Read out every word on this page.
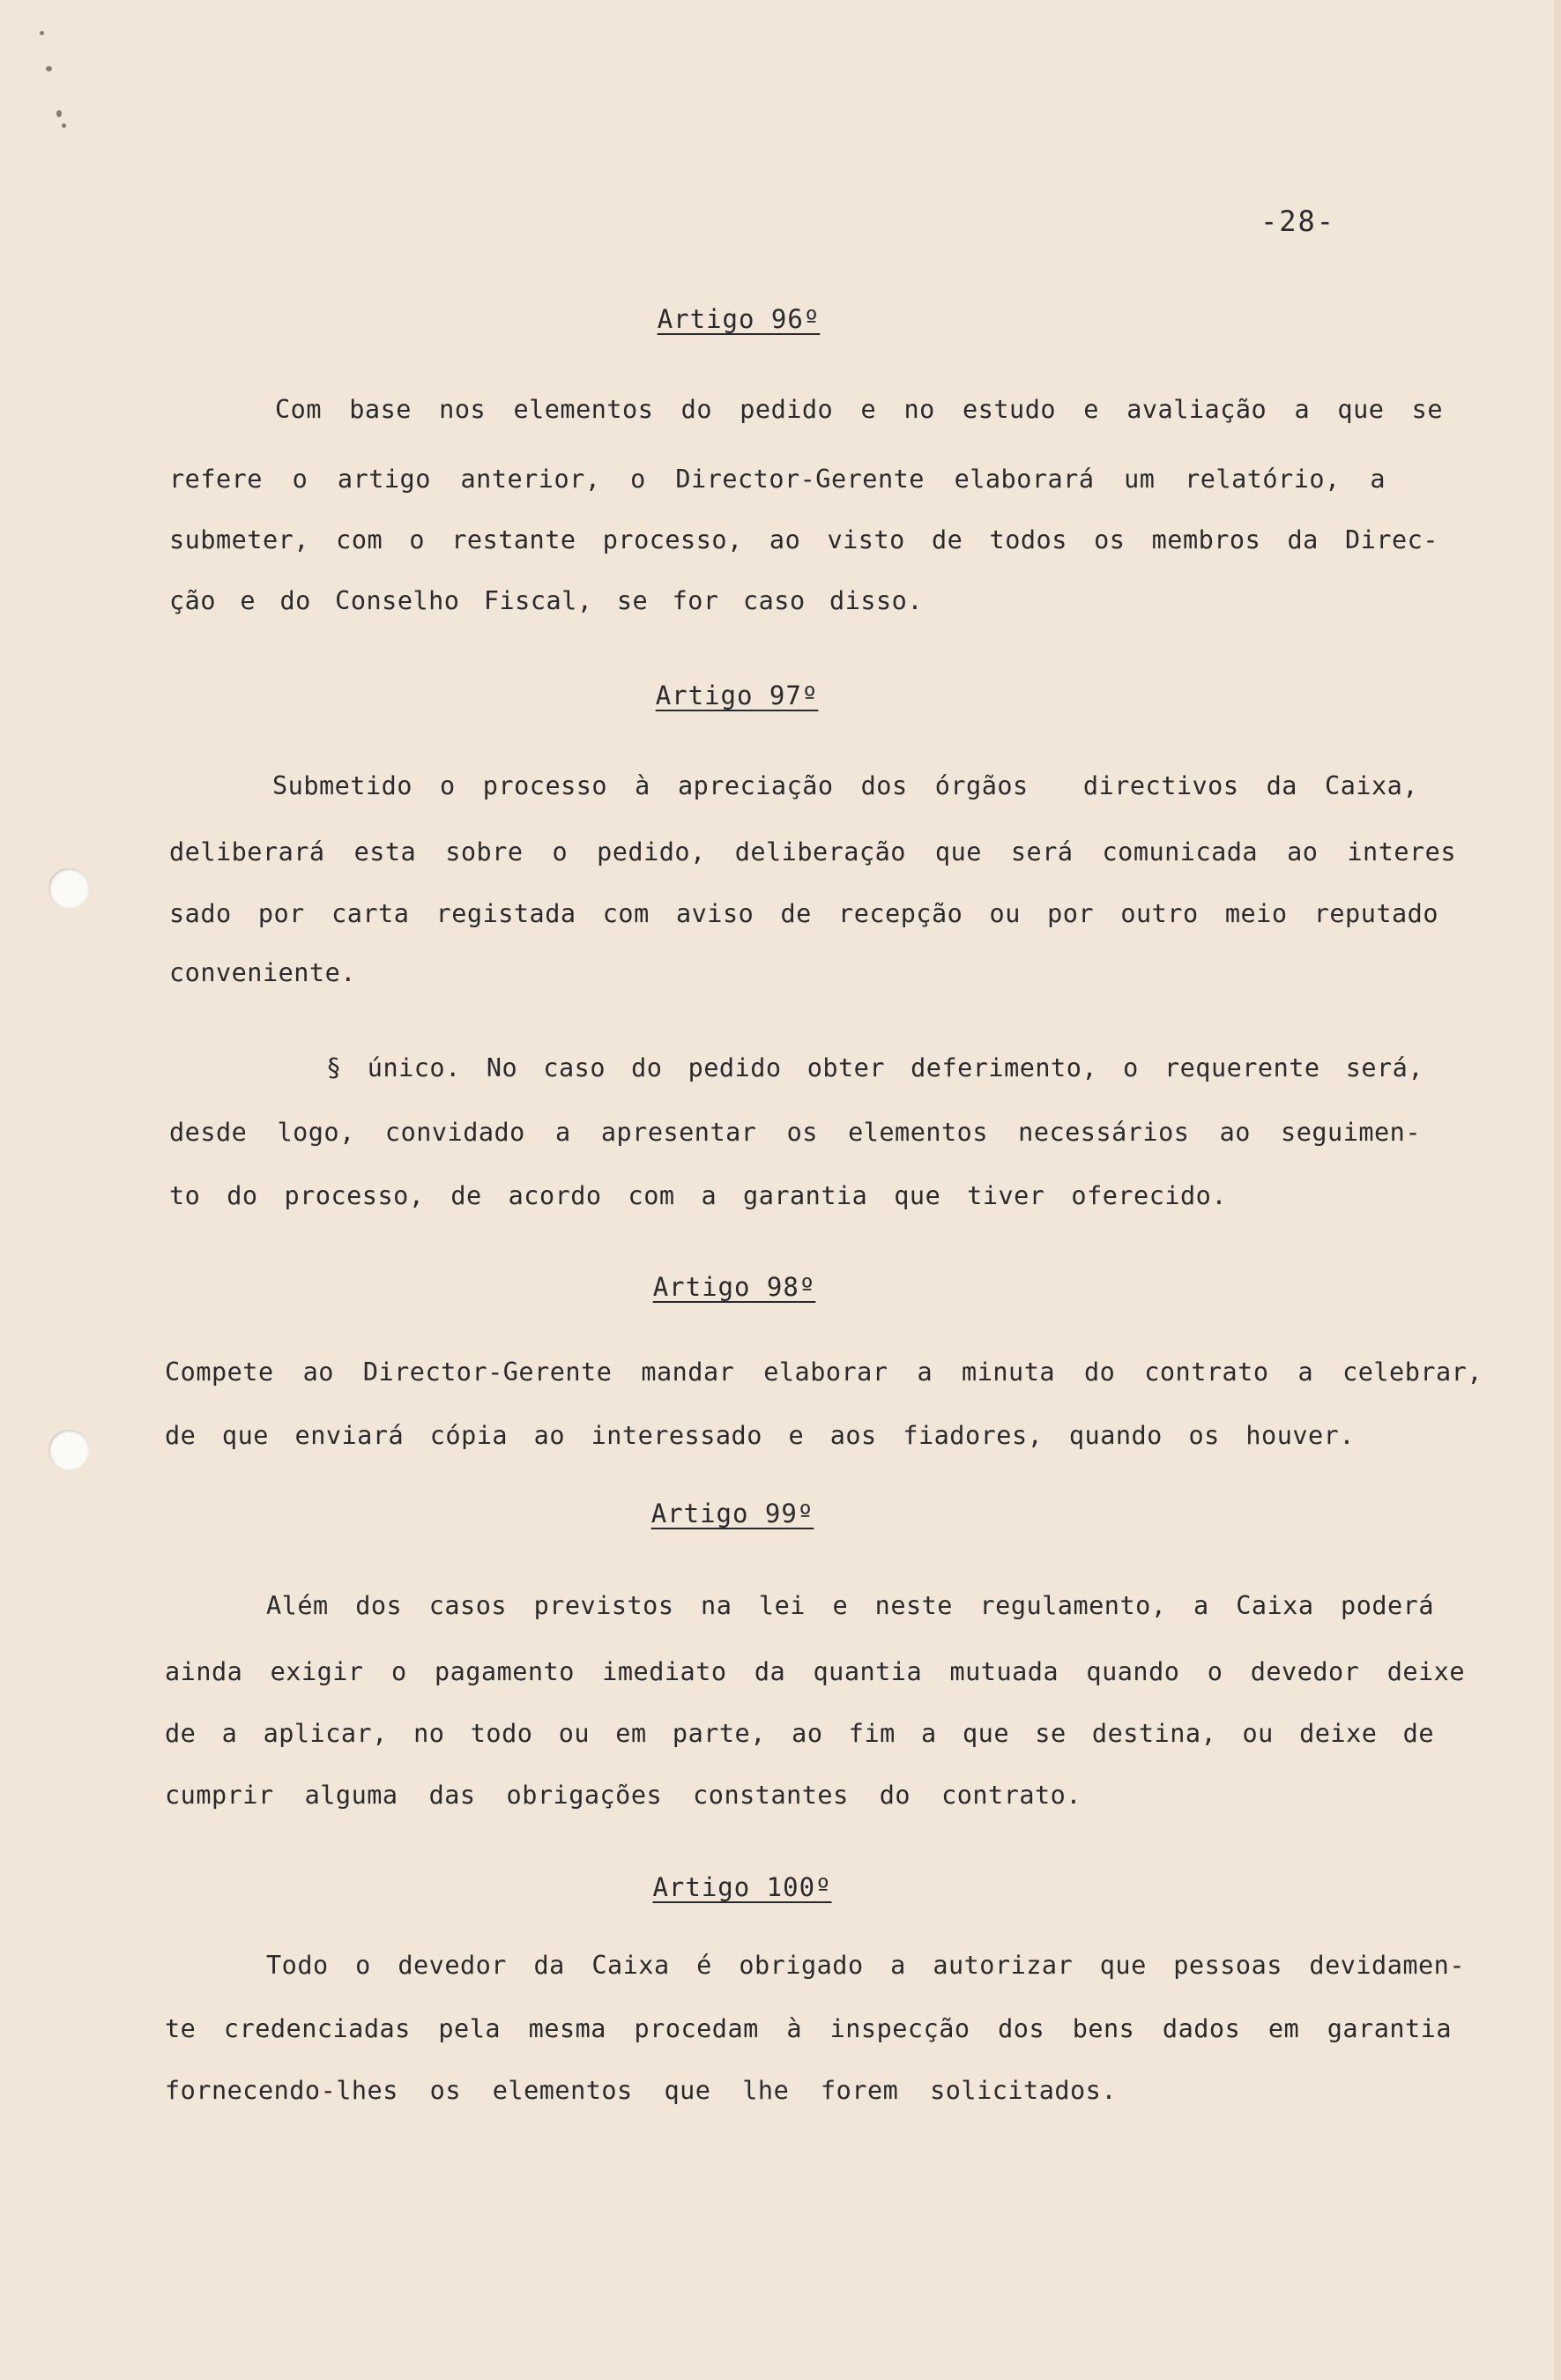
-28-
Artigo 96º
Com base nos elementos do pedido e no estudo e avaliação a que se
refere o artigo anterior, o Director-Gerente elaborará um relatório, a
submeter, com o restante processo, ao visto de todos os membros da Direc-
ção e do Conselho Fiscal, se for caso disso.
Artigo 97º
Submetido o processo à apreciação dos órgãos  directivos da Caixa,
deliberará esta sobre o pedido, deliberação que será comunicada ao interes
sado por carta registada com aviso de recepção ou por outro meio reputado
conveniente.
§ único. No caso do pedido obter deferimento, o requerente será,
desde logo, convidado a apresentar os elementos necessários ao seguimen-
to do processo, de acordo com a garantia que tiver oferecido.
Artigo 98º
Compete ao Director-Gerente mandar elaborar a minuta do contrato a celebrar,
de que enviará cópia ao interessado e aos fiadores, quando os houver.
Artigo 99º
Além dos casos previstos na lei e neste regulamento, a Caixa poderá
ainda exigir o pagamento imediato da quantia mutuada quando o devedor deixe
de a aplicar, no todo ou em parte, ao fim a que se destina, ou deixe de
cumprir alguma das obrigações constantes do contrato.
Artigo 100º
Todo o devedor da Caixa é obrigado a autorizar que pessoas devidamen-
te credenciadas pela mesma procedam à inspecção dos bens dados em garantia
fornecendo-lhes os elementos que lhe forem solicitados.
